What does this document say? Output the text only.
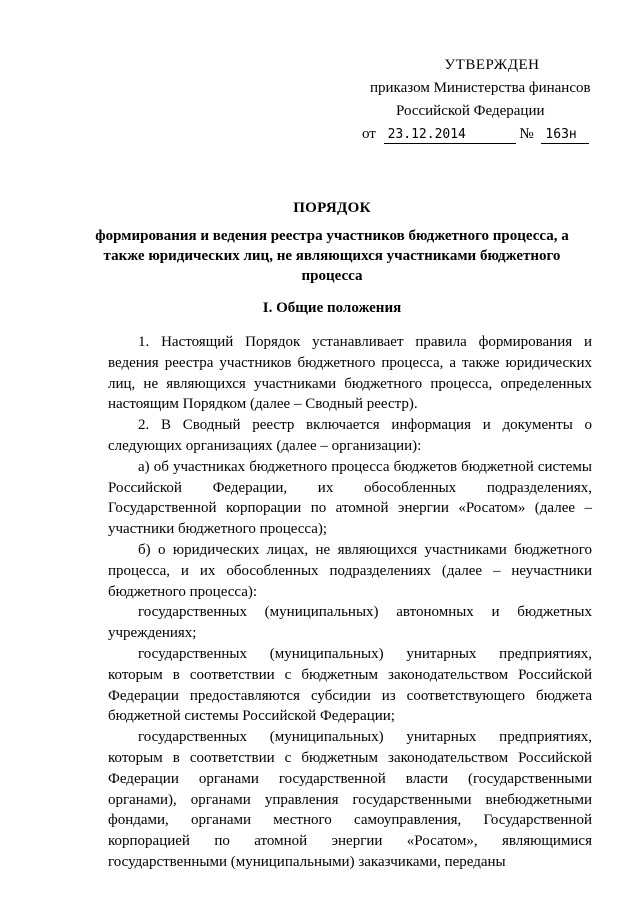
УТВЕРЖДЕН
приказом Министерства финансов
Российской Федерации
от 23.12.2014	№ 163н
ПОРЯДОК
формирования и ведения реестра участников бюджетного процесса, а также юридических лиц, не являющихся участниками бюджетного процесса
I. Общие положения

1. Настоящий Порядок устанавливает правила формирования и ведения реестра участников бюджетного процесса, а также юридических лиц, не являющихся участниками бюджетного процесса, определенных настоящим Порядком (далее – Сводный реестр).

2. В Сводный реестр включается информация и документы о следующих организациях (далее – организации):

а) об участниках бюджетного процесса бюджетов бюджетной системы Российской Федерации, их обособленных подразделениях, Государственной корпорации по атомной энергии «Росатом» (далее – участники бюджетного процесса);

б) о юридических лицах, не являющихся участниками бюджетного процесса, и их обособленных подразделениях (далее – неучастники бюджетного процесса):

государственных (муниципальных) автономных и бюджетных учреждениях;

государственных (муниципальных) унитарных предприятиях, которым в соответствии с бюджетным законодательством Российской Федерации предоставляются субсидии из соответствующего бюджета бюджетной системы Российской Федерации;

государственных (муниципальных) унитарных предприятиях, которым в соответствии с бюджетным законодательством Российской Федерации органами государственной власти (государственными органами), органами управления государственными внебюджетными фондами, органами местного самоуправления, Государственной корпорацией по атомной энергии «Росатом», являющимися государственными (муниципальными) заказчиками, переданы
